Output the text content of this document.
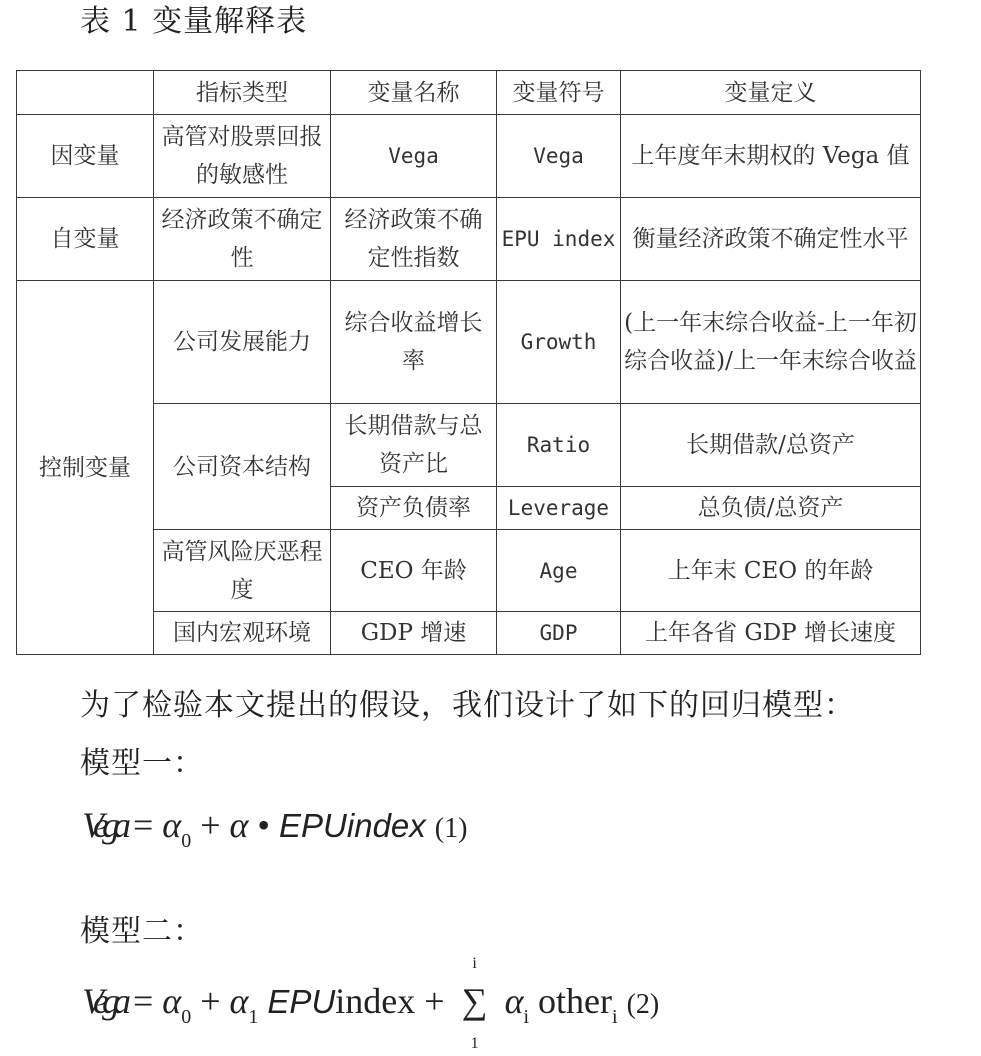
表 1 变量解释表
	指标类型	变量名称	变量符号	变量定义
因变量	高管对股票回报的敏感性	Vega	Vega	上年度年末期权的 Vega 值
自变量	经济政策不确定性	经济政策不确定性指数	EPU index	衡量经济政策不确定性水平
控制变量	公司发展能力	综合收益增长率	Growth	(上一年末综合收益-上一年初综合收益)/上一年末综合收益
	公司资本结构	长期借款与总资产比	Ratio	长期借款/总资产
		资产负债率	Leverage	总负债/总资产
	高管风险厌恶程度	CEO 年龄	Age	上年末 CEO 的年龄
	国内宏观环境	GDP 增速	GDP	上年各省 GDP 增长速度
为了检验本文提出的假设，我们设计了如下的回归模型：
模型一：
Vega = $\alpha_0 + \alpha$ • EPUindex (1)
模型二：
Vega = $\alpha_0 + \alpha_1$ EPUindex +
i
∑
1
$\alpha_i$ other$_i$ (2)
